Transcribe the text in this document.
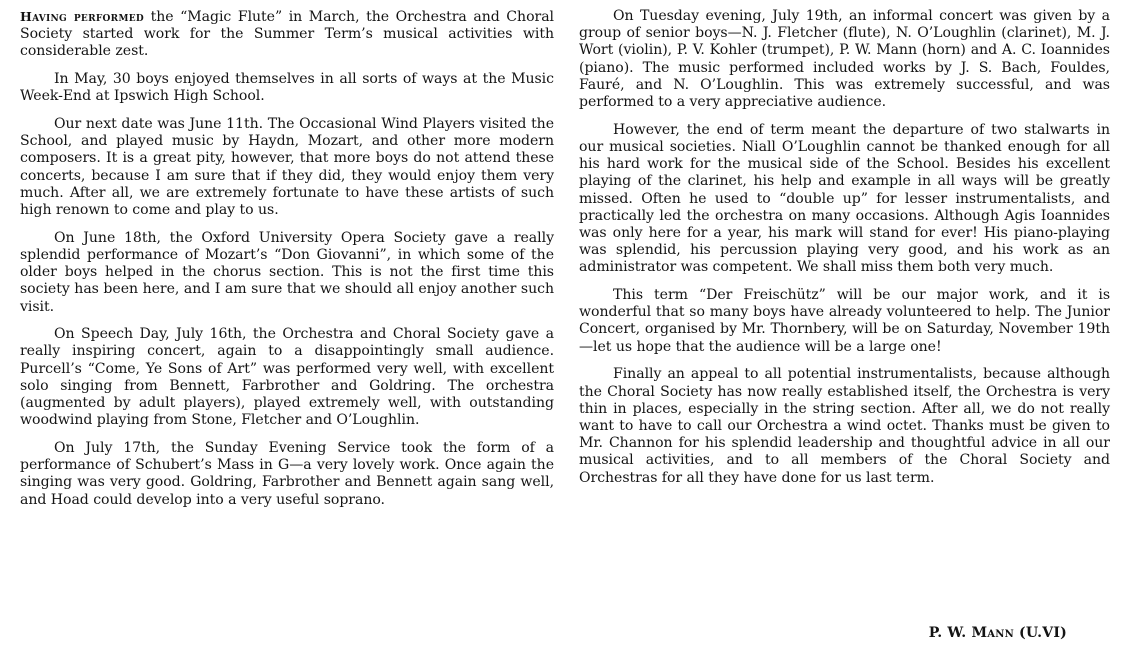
Having performed the “Magic Flute” in March, the Orchestra and Choral Society started work for the Summer Term’s musical activities with considerable zest.

In May, 30 boys enjoyed themselves in all sorts of ways at the Music Week-End at Ipswich High School.

Our next date was June 11th. The Occasional Wind Players visited the School, and played music by Haydn, Mozart, and other more modern composers. It is a great pity, however, that more boys do not attend these concerts, because I am sure that if they did, they would enjoy them very much. After all, we are extremely fortunate to have these artists of such high renown to come and play to us.

On June 18th, the Oxford University Opera Society gave a really splendid performance of Mozart’s “Don Giovanni”, in which some of the older boys helped in the chorus section. This is not the first time this society has been here, and I am sure that we should all enjoy another such visit.

On Speech Day, July 16th, the Orchestra and Choral Society gave a really inspiring concert, again to a disappointingly small audience. Purcell’s “Come, Ye Sons of Art” was performed very well, with excellent solo singing from Bennett, Farbrother and Goldring. The orchestra (augmented by adult players), played extremely well, with outstanding woodwind playing from Stone, Fletcher and O’Loughlin.

On July 17th, the Sunday Evening Service took the form of a performance of Schubert’s Mass in G—a very lovely work. Once again the singing was very good. Goldring, Farbrother and Bennett again sang well, and Hoad could develop into a very useful soprano.

On Tuesday evening, July 19th, an informal concert was given by a group of senior boys—N. J. Fletcher (flute), N. O’Loughlin (clarinet), M. J. Wort (violin), P. V. Kohler (trumpet), P. W. Mann (horn) and A. C. Ioannides (piano). The music performed included works by J. S. Bach, Fouldes, Fauré, and N. O’Loughlin. This was extremely successful, and was performed to a very appreciative audience.

However, the end of term meant the departure of two stalwarts in our musical societies. Niall O’Loughlin cannot be thanked enough for all his hard work for the musical side of the School. Besides his excellent playing of the clarinet, his help and example in all ways will be greatly missed. Often he used to “double up” for lesser instrumentalists, and practically led the orchestra on many occasions. Although Agis Ioannides was only here for a year, his mark will stand for ever! His piano-playing was splendid, his percussion playing very good, and his work as an administrator was competent. We shall miss them both very much.

This term “Der Freischütz” will be our major work, and it is wonderful that so many boys have already volunteered to help. The Junior Concert, organised by Mr. Thornbery, will be on Saturday, November 19th—let us hope that the audience will be a large one!

Finally an appeal to all potential instrumentalists, because although the Choral Society has now really established itself, the Orchestra is very thin in places, especially in the string section. After all, we do not really want to have to call our Orchestra a wind octet. Thanks must be given to Mr. Channon for his splendid leadership and thoughtful advice in all our musical activities, and to all members of the Choral Society and Orchestras for all they have done for us last term.

P. W. Mann (U.VI)
